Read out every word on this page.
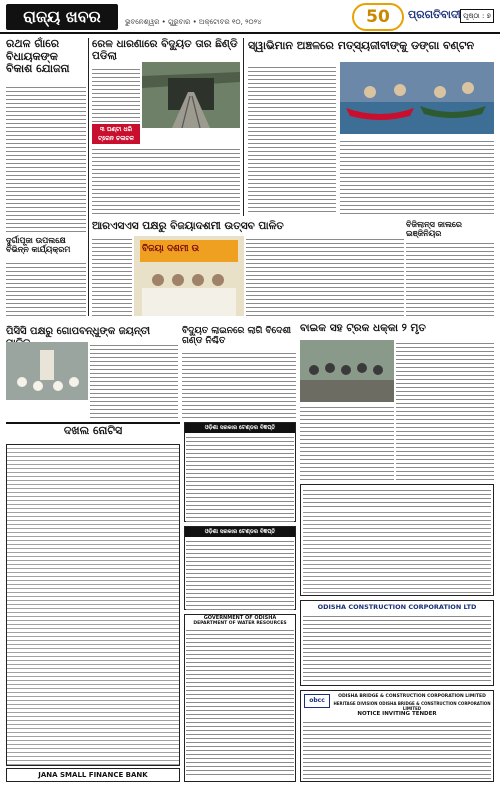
ରାଜ୍ୟ ଖବର	ଭୁବନେଶ୍ୱର • ଗୁରୁବାର • ଅକ୍ଟୋବର ୧୦, ୨୦୨୪	50	ପ୍ରଗତିବାଦୀ ପୃଷ୍ଠା : ୭
ରଥଳ ଗାଁରେ ବିଧାୟକଙ୍କ ବିକାଶ ଯୋଜନା
ଦୁର୍ଗାପୂଜା ଉପଲକ୍ଷେ ବିଭିନ୍ନ କାର୍ଯ୍ୟକ୍ରମ
ରେଳ ଧାରଣାରେ ବିଦ୍ୟୁତ ତାର ଛିଣ୍ଡି ପଡିଲା
୩ ଘଣ୍ଟା ଧରି ଟ୍ରେନ ଚଳାଚଳ
ସ୍ୱାଭିମାନ ଅଞ୍ଚଳରେ ମତ୍ସ୍ୟଜୀବୀଙ୍କୁ ଡଙ୍ଗା ବଣ୍ଟନ
ଆରଏସଏସ ପକ୍ଷରୁ ବିଜୟାଦଶମୀ ଉତ୍ସବ ପାଳିତ
ବିଜୟା ଦଶମୀ ଉ
ବିଜିଲାନ୍ସ ଜାଲରେ ଇଞ୍ଜିନିୟର
ବାଇକ ସହ ଟ୍ରକ ଧକ୍କା ୨ ମୃତ
ପିସିସି ପକ୍ଷରୁ ଗୋପବନ୍ଧୁଙ୍କ ଜୟନ୍ତୀ	ବିଦ୍ୟୁତ ଲାଇନରେ ଲାଗି ବିଦେଶୀ ଗଣ୍ଡ ନିଶ୍ଚିତ
ଦଖଲ ନୋଟିସ
JANA SMALL FINANCE BANK
ଓଡ଼ିଶା ସରକାର ଟେଣ୍ଡର ବିଜ୍ଞପ୍ତି
ଓଡ଼ିଶା ସରକାର ଟେଣ୍ଡର ବିଜ୍ଞପ୍ତି
GOVERNMENT OF ODISHA
DEPARTMENT OF WATER RESOURCES
ODISHA CONSTRUCTION CORPORATION LTD
obcc
ODISHA BRIDGE & CONSTRUCTION CORPORATION LIMITED
HERITAGE DIVISION ODISHA BRIDGE & CONSTRUCTION CORPORATION LIMITED
NOTICE INVITING TENDER
